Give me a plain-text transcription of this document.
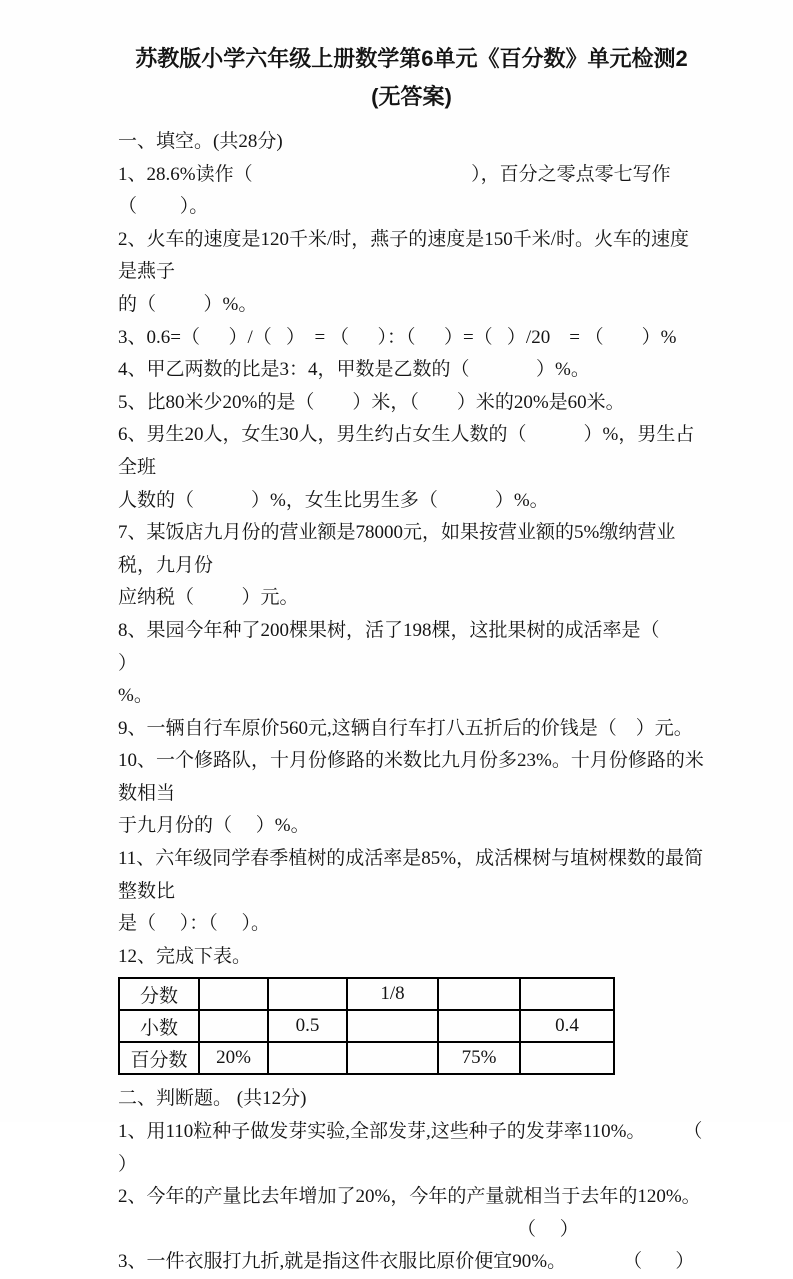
苏教版小学六年级上册数学第6单元《百分数》单元检测2
(无答案)
一、填空。(共28分)
1、28.6%读作（                                              ），百分之零点零七写作
（         ）。
2、火车的速度是120千米/时，燕子的速度是150千米/时。火车的速度是燕子
的（          ）%。
3、0.6=（      ）/（   ）  = （      ）：（      ）=（   ）/20    = （        ）%
4、甲乙两数的比是3：4，甲数是乙数的（              ）%。
5、比80米少20%的是（        ）米，（        ）米的20%是60米。
6、男生20人，女生30人，男生约占女生人数的（            ）%，男生占全班
人数的（            ）%，女生比男生多（            ）%。
7、某饭店九月份的营业额是78000元，如果按营业额的5%缴纳营业税，九月份
应纳税（          ）元。
8、果园今年种了200棵果树，活了198棵，这批果树的成活率是（          ）
%。
9、一辆自行车原价560元,这辆自行车打八五折后的价钱是（    ）元。
10、一个修路队，十月份修路的米数比九月份多23%。十月份修路的米数相当
于九月份的（     ）%。
11、六年级同学春季植树的成活率是85%，成活棵树与埴树棵数的最简整数比
是（     ）：（     ）。
12、完成下表。
分数			1/8		
小数		0.5			0.4
百分数	20%			75%	
二、判断题。 (共12分)
1、用110粒种子做发芽实验,全部发芽,这些种子的发芽率110%。        （    ）
2、今年的产量比去年增加了20%，今年的产量就相当于去年的120%。
（     ）
3、一件衣服打九折,就是指这件衣服比原价便宜90%。            （       ）
